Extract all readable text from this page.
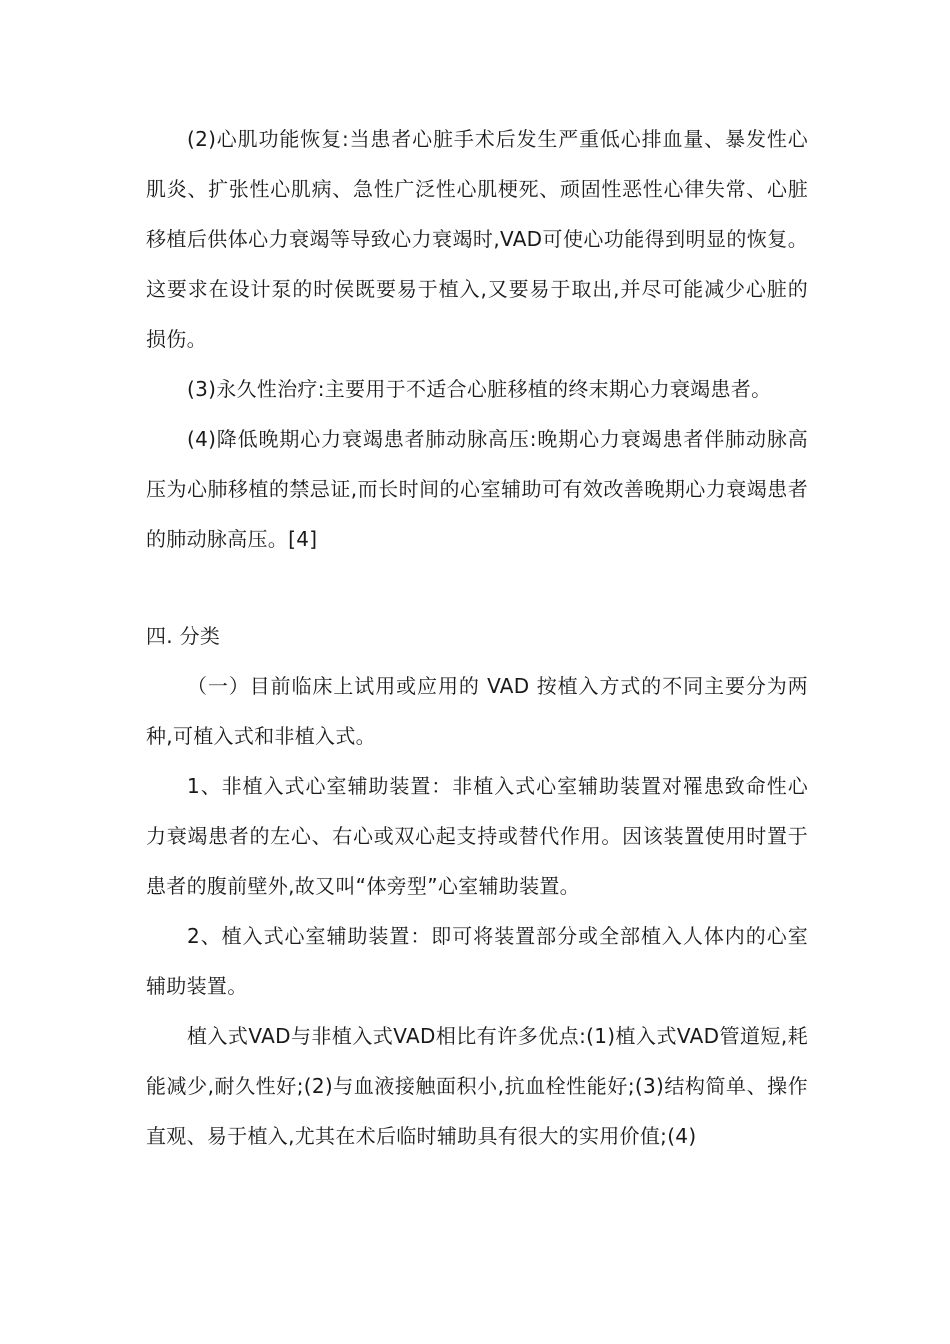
(2)心肌功能恢复:当患者心脏手术后发生严重低心排血量、暴发性心肌炎、扩张性心肌病、急性广泛性心肌梗死、顽固性恶性心律失常、心脏移植后供体心力衰竭等导致心力衰竭时,VAD可使心功能得到明显的恢复。这要求在设计泵的时侯既要易于植入,又要易于取出,并尽可能减少心脏的损伤。

(3)永久性治疗:主要用于不适合心脏移植的终末期心力衰竭患者。

(4)降低晚期心力衰竭患者肺动脉高压:晚期心力衰竭患者伴肺动脉高压为心肺移植的禁忌证,而长时间的心室辅助可有效改善晚期心力衰竭患者的肺动脉高压。[4]

四. 分类

（一）目前临床上试用或应用的 VAD 按植入方式的不同主要分为两种,可植入式和非植入式。

1、非植入式心室辅助装置：非植入式心室辅助装置对罹患致命性心力衰竭患者的左心、右心或双心起支持或替代作用。因该装置使用时置于患者的腹前壁外,故又叫“体旁型”心室辅助装置。

2、植入式心室辅助装置：即可将装置部分或全部植入人体内的心室辅助装置。

植入式VAD与非植入式VAD相比有许多优点:(1)植入式VAD管道短,耗能减少,耐久性好;(2)与血液接触面积小,抗血栓性能好;(3)结构简单、操作直观、易于植入,尤其在术后临时辅助具有很大的实用价值;(4)
